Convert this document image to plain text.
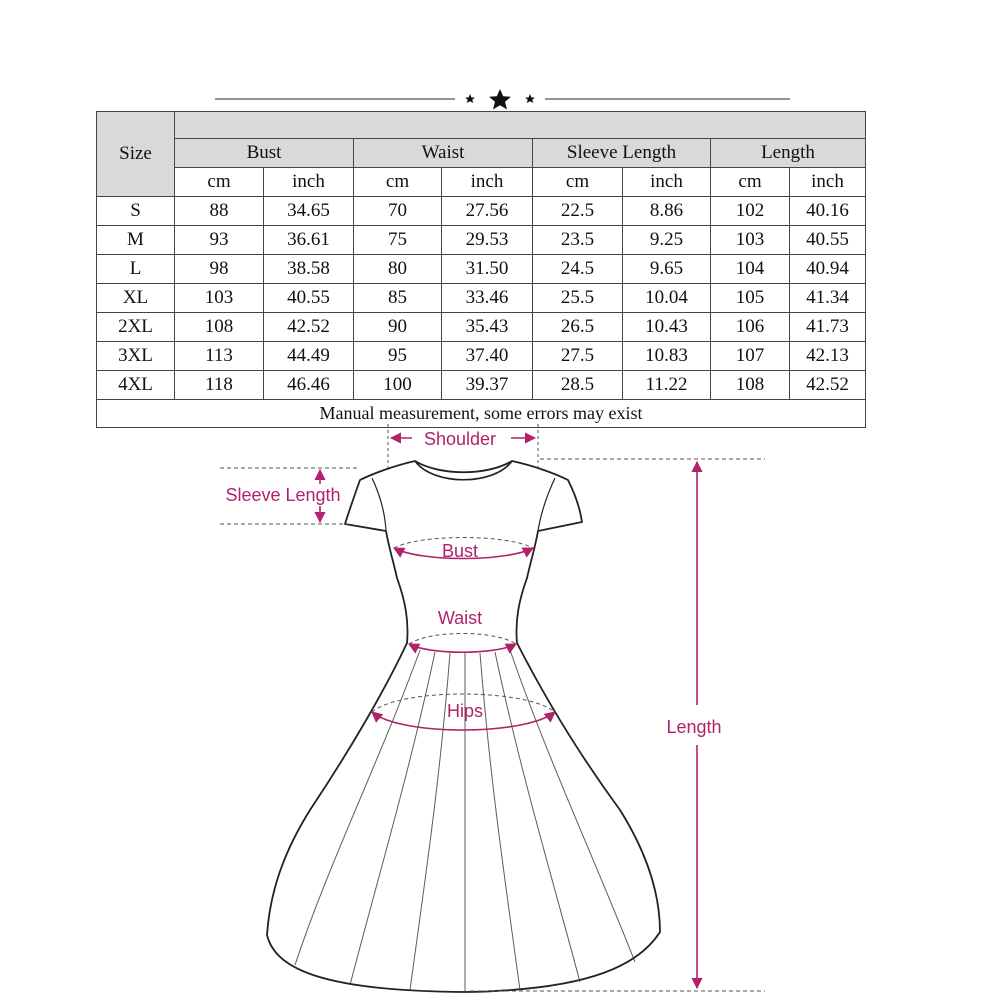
Size								
	Bust		Waist		Sleeve Length		Length	
	cm	inch	cm	inch	cm	inch	cm	inch
S	88	34.65	70	27.56	22.5	8.86	102	40.16
M	93	36.61	75	29.53	23.5	9.25	103	40.55
L	98	38.58	80	31.50	24.5	9.65	104	40.94
XL	103	40.55	85	33.46	25.5	10.04	105	41.34
2XL	108	42.52	90	35.43	26.5	10.43	106	41.73
3XL	113	44.49	95	37.40	27.5	10.83	107	42.13
4XL	118	46.46	100	39.37	28.5	11.22	108	42.52
Manual measurement, some errors may exist								
Shoulder
Sleeve Length
Bust
Waist
Hips
Length
